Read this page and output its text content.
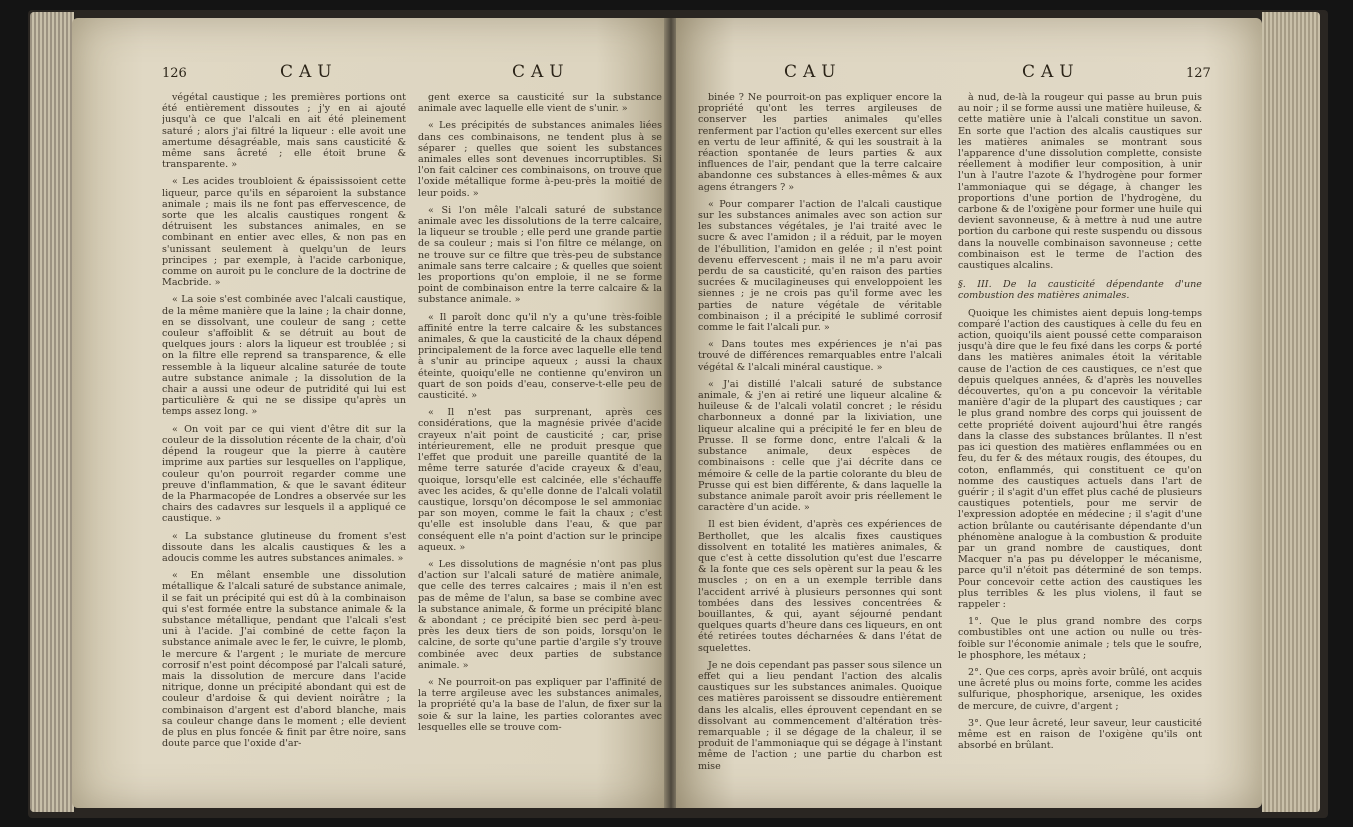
126	CAU	CAU

végétal caustique ; les premières portions ont été entièrement dissoutes ; j'y en ai ajouté jusqu'à ce que l'alcali en ait été pleinement saturé ; alors j'ai filtré la liqueur : elle avoit une amertume désagréable, mais sans causticité & même sans âcreté ; elle étoit brune & transparente. »

« Les acides troubloient & épaississoient cette liqueur, parce qu'ils en séparoient la substance animale ; mais ils ne font pas effervescence, de sorte que les alcalis caustiques rongent & détruisent les substances animales, en se combinant en entier avec elles, & non pas en s'unissant seulement à quelqu'un de leurs principes ; par exemple, à l'acide carbonique, comme on auroit pu le conclure de la doctrine de Macbride. »

« La soie s'est combinée avec l'alcali caustique, de la même manière que la laine ; la chair donne, en se dissolvant, une couleur de sang ; cette couleur s'affoiblit & se détruit au bout de quelques jours : alors la liqueur est troublée ; si on la filtre elle reprend sa transparence, & elle ressemble à la liqueur alcaline saturée de toute autre substance animale ; la dissolution de la chair a aussi une odeur de putridité qui lui est particulière & qui ne se dissipe qu'après un temps assez long. »

« On voit par ce qui vient d'être dit sur la couleur de la dissolution récente de la chair, d'où dépend la rougeur que la pierre à cautère imprime aux parties sur lesquelles on l'applique, couleur qu'on pourroit regarder comme une preuve d'inflammation, & que le savant éditeur de la Pharmacopée de Londres a observée sur les chairs des cadavres sur lesquels il a appliqué ce caustique. »

« La substance glutineuse du froment s'est dissoute dans les alcalis caustiques & les a adoucis comme les autres substances animales. »

« En mêlant ensemble une dissolution métallique & l'alcali saturé de substance animale, il se fait un précipité qui est dû à la combinaison qui s'est formée entre la substance animale & la substance métallique, pendant que l'alcali s'est uni à l'acide. J'ai combiné de cette façon la substance animale avec le fer, le cuivre, le plomb, le mercure & l'argent ; le muriate de mercure corrosif n'est point décomposé par l'alcali saturé, mais la dissolution de mercure dans l'acide nitrique, donne un précipité abondant qui est de couleur d'ardoise & qui devient noirâtre ; la combinaison d'argent est d'abord blanche, mais sa couleur change dans le moment ; elle devient de plus en plus foncée & finit par être noire, sans doute parce que l'oxide d'ar-

gent exerce sa causticité sur la substance animale avec laquelle elle vient de s'unir. »

« Les précipités de substances animales liées dans ces combinaisons, ne tendent plus à se séparer ; quelles que soient les substances animales elles sont devenues incorruptibles. Si l'on fait calciner ces combinaisons, on trouve que l'oxide métallique forme à-peu-près la moitié de leur poids. »

« Si l'on mêle l'alcali saturé de substance animale avec les dissolutions de la terre calcaire, la liqueur se trouble ; elle perd une grande partie de sa couleur ; mais si l'on filtre ce mélange, on ne trouve sur ce filtre que très-peu de substance animale sans terre calcaire ; & quelles que soient les proportions qu'on emploie, il ne se forme point de combinaison entre la terre calcaire & la substance animale. »

« Il paroît donc qu'il n'y a qu'une très-foible affinité entre la terre calcaire & les substances animales, & que la causticité de la chaux dépend principalement de la force avec laquelle elle tend à s'unir au principe aqueux ; aussi la chaux éteinte, quoiqu'elle ne contienne qu'environ un quart de son poids d'eau, conserve-t-elle peu de causticité. »

« Il n'est pas surprenant, après ces considérations, que la magnésie privée d'acide crayeux n'ait point de causticité ; car, prise intérieurement, elle ne produit presque que l'effet que produit une pareille quantité de la même terre saturée d'acide crayeux & d'eau, quoique, lorsqu'elle est calcinée, elle s'échauffe avec les acides, & qu'elle donne de l'alcali volatil caustique, lorsqu'on décompose le sel ammoniac par son moyen, comme le fait la chaux ; c'est qu'elle est insoluble dans l'eau, & que par conséquent elle n'a point d'action sur le principe aqueux. »

« Les dissolutions de magnésie n'ont pas plus d'action sur l'alcali saturé de matière animale, que celle des terres calcaires ; mais il n'en est pas de même de l'alun, sa base se combine avec la substance animale, & forme un précipité blanc & abondant ; ce précipité bien sec perd à-peu-près les deux tiers de son poids, lorsqu'on le calcine, de sorte qu'une partie d'argile s'y trouve combinée avec deux parties de substance animale. »

« Ne pourroit-on pas expliquer par l'affinité de la terre argileuse avec les substances animales, la propriété qu'a la base de l'alun, de fixer sur la soie & sur la laine, les parties colorantes avec lesquelles elle se trouve com-

CAU	CAU	127

binée ? Ne pourroit-on pas expliquer encore la propriété qu'ont les terres argileuses de conserver les parties animales qu'elles renferment par l'action qu'elles exercent sur elles en vertu de leur affinité, & qui les soustrait à la réaction spontanée de leurs parties & aux influences de l'air, pendant que la terre calcaire abandonne ces substances à elles-mêmes & aux agens étrangers ? »

« Pour comparer l'action de l'alcali caustique sur les substances animales avec son action sur les substances végétales, je l'ai traité avec le sucre & avec l'amidon ; il a réduit, par le moyen de l'ébullition, l'amidon en gelée ; il n'est point devenu effervescent ; mais il ne m'a paru avoir perdu de sa causticité, qu'en raison des parties sucrées & mucilagineuses qui enveloppoient les siennes ; je ne crois pas qu'il forme avec les parties de nature végétale de véritable combinaison ; il a précipité le sublimé corrosif comme le fait l'alcali pur. »

« Dans toutes mes expériences je n'ai pas trouvé de différences remarquables entre l'alcali végétal & l'alcali minéral caustique. »

« J'ai distillé l'alcali saturé de substance animale, & j'en ai retiré une liqueur alcaline & huileuse & de l'alcali volatil concret ; le résidu charbonneux a donné par la lixiviation, une liqueur alcaline qui a précipité le fer en bleu de Prusse. Il se forme donc, entre l'alcali & la substance animale, deux espèces de combinaisons : celle que j'ai décrite dans ce mémoire & celle de la partie colorante du bleu de Prusse qui est bien différente, & dans laquelle la substance animale paroît avoir pris réellement le caractère d'un acide. »

Il est bien évident, d'après ces expériences de Berthollet, que les alcalis fixes caustiques dissolvent en totalité les matières animales, & que c'est à cette dissolution qu'est due l'escarre & la fonte que ces sels opèrent sur la peau & les muscles ; on en a un exemple terrible dans l'accident arrivé à plusieurs personnes qui sont tombées dans des lessives concentrées & bouillantes, & qui, ayant séjourné pendant quelques quarts d'heure dans ces liqueurs, en ont été retirées toutes décharnées & dans l'état de squelettes.

Je ne dois cependant pas passer sous silence un effet qui a lieu pendant l'action des alcalis caustiques sur les substances animales. Quoique ces matières paroissent se dissoudre entièrement dans les alcalis, elles éprouvent cependant en se dissolvant au commencement d'altération très-remarquable ; il se dégage de la chaleur, il se produit de l'ammoniaque qui se dégage à l'instant même de l'action ; une partie du charbon est mise

à nud, de-là la rougeur qui passe au brun puis au noir ; il se forme aussi une matière huileuse, & cette matière unie à l'alcali constitue un savon. En sorte que l'action des alcalis caustiques sur les matières animales se montrant sous l'apparence d'une dissolution complette, consiste réellement à modifier leur composition, à unir l'un à l'autre l'azote & l'hydrogène pour former l'ammoniaque qui se dégage, à changer les proportions d'une portion de l'hydrogène, du carbone & de l'oxigène pour former une huile qui devient savonneuse, & à mettre à nud une autre portion du carbone qui reste suspendu ou dissous dans la nouvelle combinaison savonneuse ; cette combinaison est le terme de l'action des caustiques alcalins.

§. III. De la causticité dépendante d'une combustion des matières animales.

Quoique les chimistes aient depuis long-temps comparé l'action des caustiques à celle du feu en action, quoiqu'ils aient poussé cette comparaison jusqu'à dire que le feu fixé dans les corps & porté dans les matières animales étoit la véritable cause de l'action de ces caustiques, ce n'est que depuis quelques années, & d'après les nouvelles découvertes, qu'on a pu concevoir la véritable manière d'agir de la plupart des caustiques ; car le plus grand nombre des corps qui jouissent de cette propriété doivent aujourd'hui être rangés dans la classe des substances brûlantes. Il n'est pas ici question des matières enflammées ou en feu, du fer & des métaux rougis, des étoupes, du coton, enflammés, qui constituent ce qu'on nomme des caustiques actuels dans l'art de guérir ; il s'agit d'un effet plus caché de plusieurs caustiques potentiels, pour me servir de l'expression adoptée en médecine ; il s'agit d'une action brûlante ou cautérisante dépendante d'un phénomène analogue à la combustion & produite par un grand nombre de caustiques, dont Macquer n'a pas pu développer le mécanisme, parce qu'il n'étoit pas déterminé de son temps. Pour concevoir cette action des caustiques les plus terribles & les plus violens, il faut se rappeler :

1°. Que le plus grand nombre des corps combustibles ont une action ou nulle ou très-foible sur l'économie animale ; tels que le soufre, le phosphore, les métaux ;

2°. Que ces corps, après avoir brûlé, ont acquis une âcreté plus ou moins forte, comme les acides sulfurique, phosphorique, arsenique, les oxides de mercure, de cuivre, d'argent ;

3°. Que leur âcreté, leur saveur, leur causticité même est en raison de l'oxigène qu'ils ont absorbé en brûlant.
